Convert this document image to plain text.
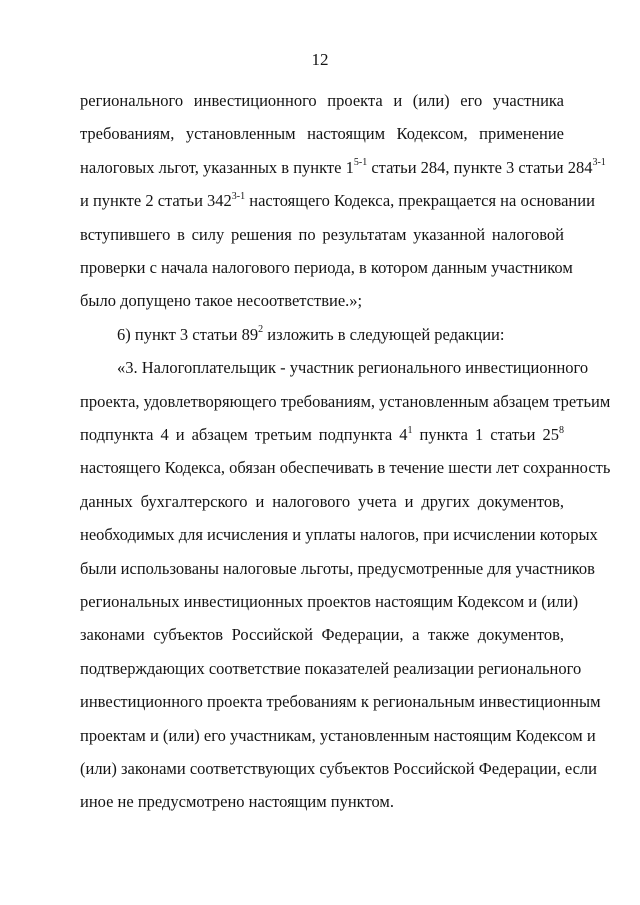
12
регионального инвестиционного проекта и (или) его участника
требованиям, установленным настоящим Кодексом, применение
налоговых льгот, указанных в пункте 1$^{5-1}$ статьи 284, пункте 3 статьи 284$^{3-1}$
и пункте 2 статьи 342$^{3-1}$ настоящего Кодекса, прекращается на основании
вступившего в силу решения по результатам указанной налоговой
проверки с начала налогового периода, в котором данным участником
было допущено такое несоответствие.»;
6) пункт 3 статьи $89^2$ изложить в следующей редакции:
«3. Налогоплательщик - участник регионального инвестиционного
проекта, удовлетворяющего требованиям, установленным абзацем третьим
подпункта 4 и абзацем третьим подпункта $4^1$ пункта 1 статьи $25^8$
настоящего Кодекса, обязан обеспечивать в течение шести лет сохранность
данных бухгалтерского и налогового учета и других документов,
необходимых для исчисления и уплаты налогов, при исчислении которых
были использованы налоговые льготы, предусмотренные для участников
региональных инвестиционных проектов настоящим Кодексом и (или)
законами субъектов Российской Федерации, а также документов,
подтверждающих соответствие показателей реализации регионального
инвестиционного проекта требованиям к региональным инвестиционным
проектам и (или) его участникам, установленным настоящим Кодексом и
(или) законами соответствующих субъектов Российской Федерации, если
иное не предусмотрено настоящим пунктом.
